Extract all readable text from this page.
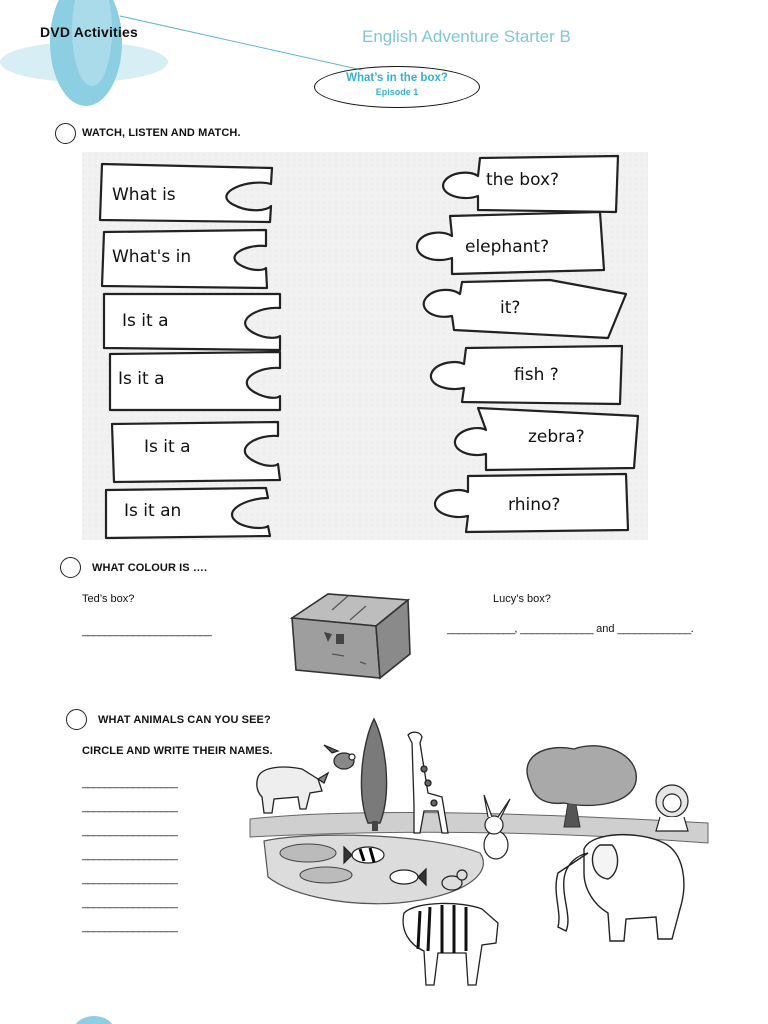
DVD Activities	English Adventure Starter B
What’s in the box?
Episode 1
WATCH, LISTEN AND MATCH.
What is
What's in
Is it a
Is it a
Is it a
Is it an
the box?
elephant?
it?
fish ?
zebra?
rhino?
WHAT COLOUR IS ….
Ted’s box?
_______________________
Lucy’s box?
____________, _____________ and _____________.
WHAT ANIMALS CAN YOU SEE?
CIRCLE AND WRITE THEIR NAMES.
_________________
_________________
_________________
_________________
_________________
_________________
_________________
